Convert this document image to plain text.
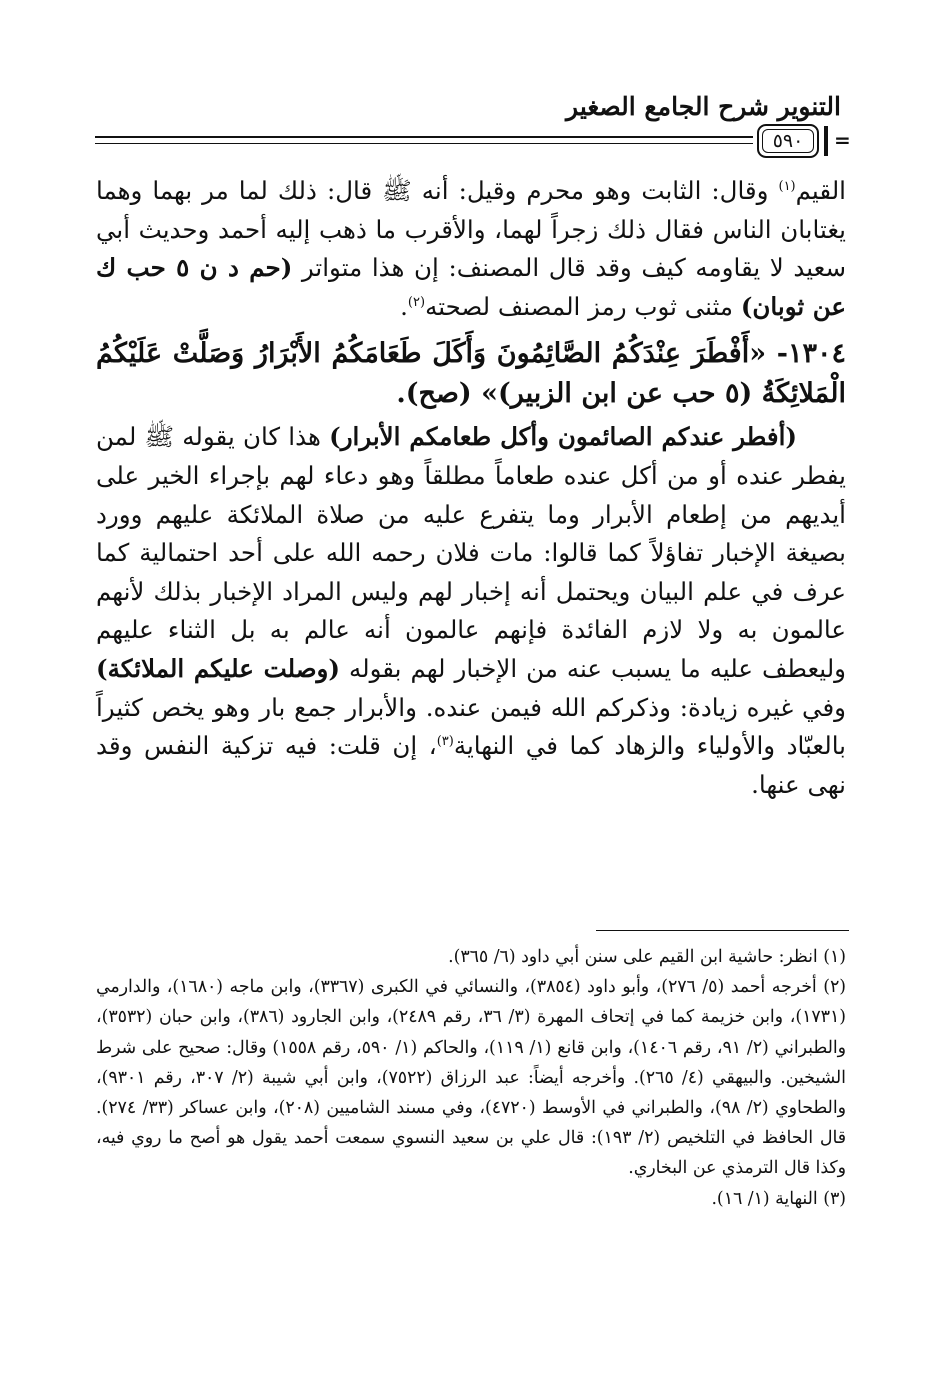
التنوير شرح الجامع الصغير
٥٩٠ =

القيم$^{(١)}$ وقال: الثابت وهو محرم وقيل: أنه ﷺ قال: ذلك لما مر بهما وهما يغتابان الناس فقال ذلك زجراً لهما، والأقرب ما ذهب إليه أحمد وحديث أبي سعيد لا يقاومه كيف وقد قال المصنف: إن هذا متواتر (حم د ن ٥ حب ك عن ثوبان) مثنى ثوب رمز المصنف لصحته$^{(٢)}$.

١٣٠٤- «أَفْطَرَ عِنْدَكُمُ الصَّائِمُونَ وَأَكَلَ طَعَامَكُمُ الأَبْرَارُ وَصَلَّتْ عَلَيْكُمُ الْمَلائِكَةُ (٥ حب عن ابن الزبير)» (صح).

  (أفطر عندكم الصائمون وأكل طعامكم الأبرار) هذا كان يقوله ﷺ لمن يفطر عنده أو من أكل عنده طعاماً مطلقاً وهو دعاء لهم بإجراء الخير على أيديهم من إطعام الأبرار وما يتفرع عليه من صلاة الملائكة عليهم وورد بصيغة الإخبار تفاؤلاً كما قالوا: مات فلان رحمه الله على أحد احتمالية كما عرف في علم البيان ويحتمل أنه إخبار لهم وليس المراد الإخبار بذلك لأنهم عالمون به ولا لازم الفائدة فإنهم عالمون أنه عالم به بل الثناء عليهم وليعطف عليه ما يسبب عنه من الإخبار لهم بقوله (وصلت عليكم الملائكة) وفي غيره زيادة: وذكركم الله فيمن عنده. والأبرار جمع بار وهو يخص كثيراً بالعبّاد والأولياء والزهاد كما في النهاية$^{(٣)}$، إن قلت: فيه تزكية النفس وقد نهى عنها.

(١) انظر: حاشية ابن القيم على سنن أبي داود (٦/ ٣٦٥).

(٢) أخرجه أحمد (٥/ ٢٧٦)، وأبو داود (٣٨٥٤)، والنسائي في الكبرى (٣٣٦٧)، وابن ماجه (١٦٨٠)، والدارمي (١٧٣١)، وابن خزيمة كما في إتحاف المهرة (٣/ ٣٦، رقم ٢٤٨٩)، وابن الجارود (٣٨٦)، وابن حبان (٣٥٣٢)، والطبراني (٢/ ٩١، رقم ١٤٠٦)، وابن قانع (١/ ١١٩)، والحاكم (١/ ٥٩٠، رقم ١٥٥٨) وقال: صحيح على شرط الشيخين. والبيهقي (٤/ ٢٦٥). وأخرجه أيضاً: عبد الرزاق (٧٥٢٢)، وابن أبي شيبة (٢/ ٣٠٧، رقم ٩٣٠١)، والطحاوي (٢/ ٩٨)، والطبراني في الأوسط (٤٧٢٠)، وفي مسند الشاميين (٢٠٨)، وابن عساكر (٣٣/ ٢٧٤). قال الحافظ في التلخيص (٢/ ١٩٣): قال علي بن سعيد النسوي سمعت أحمد يقول هو أصح ما روي فيه، وكذا قال الترمذي عن البخاري.

(٣) النهاية (١/ ١٦).
